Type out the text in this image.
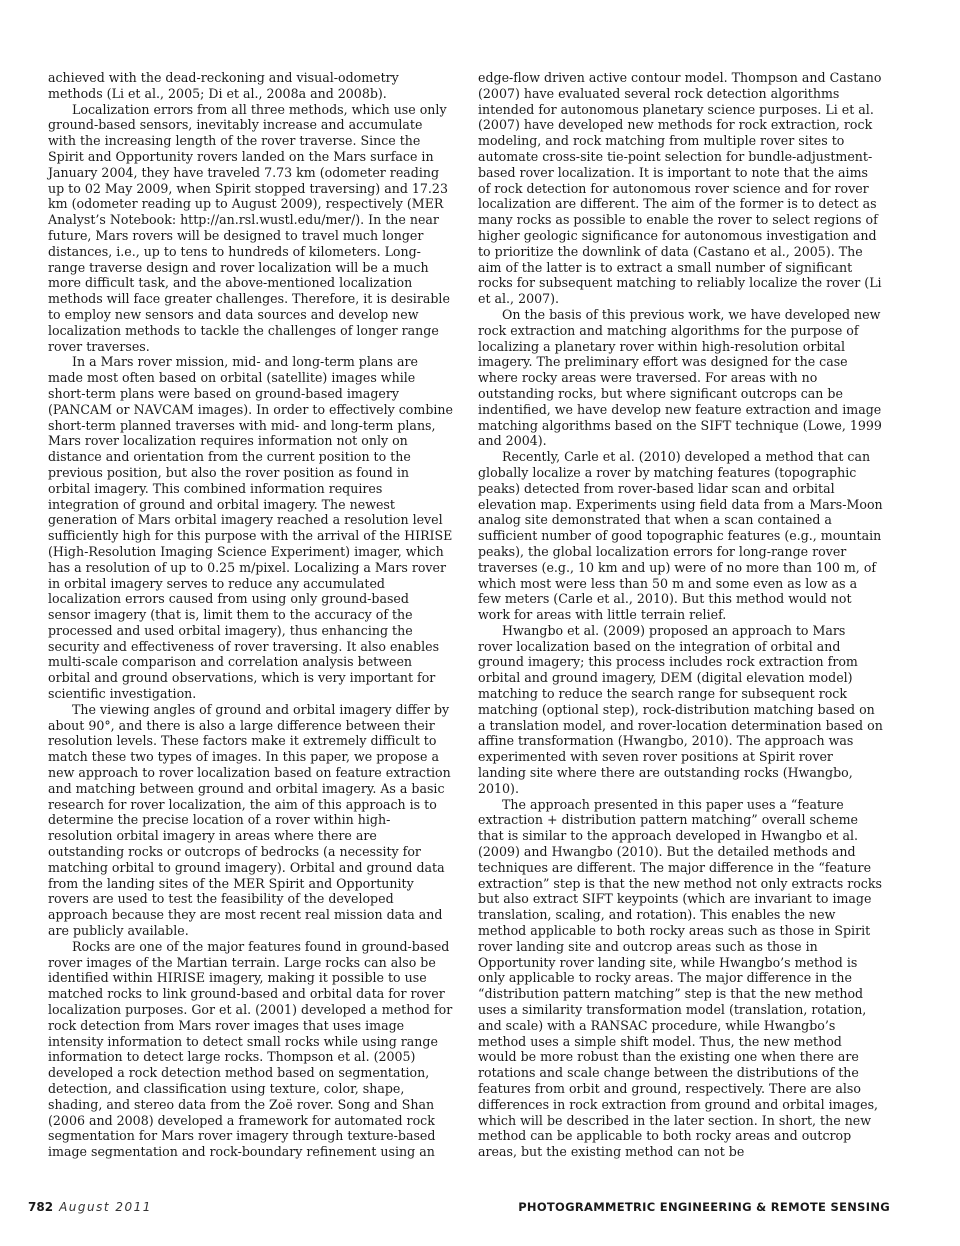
achieved with the dead-reckoning and visual-odometry methods (Li et al., 2005; Di et al., 2008a and 2008b).

Localization errors from all three methods, which use only ground-based sensors, inevitably increase and accumulate with the increasing length of the rover traverse. Since the Spirit and Opportunity rovers landed on the Mars surface in January 2004, they have traveled 7.73 km (odometer reading up to 02 May 2009, when Spirit stopped traversing) and 17.23 km (odometer reading up to August 2009), respectively (MER Analyst’s Notebook: http://an.rsl.wustl.edu/mer/). In the near future, Mars rovers will be designed to travel much longer distances, i.e., up to tens to hundreds of kilometers. Long-range traverse design and rover localization will be a much more difficult task, and the above-mentioned localization methods will face greater challenges. Therefore, it is desirable to employ new sensors and data sources and develop new localization methods to tackle the challenges of longer range rover traverses.

In a Mars rover mission, mid- and long-term plans are made most often based on orbital (satellite) images while short-term plans were based on ground-based imagery (PANCAM or NAVCAM images). In order to effectively combine short-term planned traverses with mid- and long-term plans, Mars rover localization requires information not only on distance and orientation from the current position to the previous position, but also the rover position as found in orbital imagery. This combined information requires integration of ground and orbital imagery. The newest generation of Mars orbital imagery reached a resolution level sufficiently high for this purpose with the arrival of the HIRISE (High-Resolution Imaging Science Experiment) imager, which has a resolution of up to 0.25 m/pixel. Localizing a Mars rover in orbital imagery serves to reduce any accumulated localization errors caused from using only ground-based sensor imagery (that is, limit them to the accuracy of the processed and used orbital imagery), thus enhancing the security and effectiveness of rover traversing. It also enables multi-scale comparison and correlation analysis between orbital and ground observations, which is very important for scientific investigation.

The viewing angles of ground and orbital imagery differ by about 90°, and there is also a large difference between their resolution levels. These factors make it extremely difficult to match these two types of images. In this paper, we propose a new approach to rover localization based on feature extraction and matching between ground and orbital imagery. As a basic research for rover localization, the aim of this approach is to determine the precise location of a rover within high-resolution orbital imagery in areas where there are outstanding rocks or outcrops of bedrocks (a necessity for matching orbital to ground imagery). Orbital and ground data from the landing sites of the MER Spirit and Opportunity rovers are used to test the feasibility of the developed approach because they are most recent real mission data and are publicly available.

Rocks are one of the major features found in ground-based rover images of the Martian terrain. Large rocks can also be identified within HIRISE imagery, making it possible to use matched rocks to link ground-based and orbital data for rover localization purposes. Gor et al. (2001) developed a method for rock detection from Mars rover images that uses image intensity information to detect small rocks while using range information to detect large rocks. Thompson et al. (2005) developed a rock detection method based on segmentation, detection, and classification using texture, color, shape, shading, and stereo data from the Zoë rover. Song and Shan (2006 and 2008) developed a framework for automated rock segmentation for Mars rover imagery through texture-based image segmentation and rock-boundary refinement using an

edge-flow driven active contour model. Thompson and Castano (2007) have evaluated several rock detection algorithms intended for autonomous planetary science purposes. Li et al. (2007) have developed new methods for rock extraction, rock modeling, and rock matching from multiple rover sites to automate cross-site tie-point selection for bundle-adjustment-based rover localization. It is important to note that the aims of rock detection for autonomous rover science and for rover localization are different. The aim of the former is to detect as many rocks as possible to enable the rover to select regions of higher geologic significance for autonomous investigation and to prioritize the downlink of data (Castano et al., 2005). The aim of the latter is to extract a small number of significant rocks for subsequent matching to reliably localize the rover (Li et al., 2007).

On the basis of this previous work, we have developed new rock extraction and matching algorithms for the purpose of localizing a planetary rover within high-resolution orbital imagery. The preliminary effort was designed for the case where rocky areas were traversed. For areas with no outstanding rocks, but where significant outcrops can be indentified, we have develop new feature extraction and image matching algorithms based on the SIFT technique (Lowe, 1999 and 2004).

Recently, Carle et al. (2010) developed a method that can globally localize a rover by matching features (topographic peaks) detected from rover-based lidar scan and orbital elevation map. Experiments using field data from a Mars-Moon analog site demonstrated that when a scan contained a sufficient number of good topographic features (e.g., mountain peaks), the global localization errors for long-range rover traverses (e.g., 10 km and up) were of no more than 100 m, of which most were less than 50 m and some even as low as a few meters (Carle et al., 2010). But this method would not work for areas with little terrain relief.

Hwangbo et al. (2009) proposed an approach to Mars rover localization based on the integration of orbital and ground imagery; this process includes rock extraction from orbital and ground imagery, DEM (digital elevation model) matching to reduce the search range for subsequent rock matching (optional step), rock-distribution matching based on a translation model, and rover-location determination based on affine transformation (Hwangbo, 2010). The approach was experimented with seven rover positions at Spirit rover landing site where there are outstanding rocks (Hwangbo, 2010).

The approach presented in this paper uses a “feature extraction + distribution pattern matching” overall scheme that is similar to the approach developed in Hwangbo et al. (2009) and Hwangbo (2010). But the detailed methods and techniques are different. The major difference in the “feature extraction” step is that the new method not only extracts rocks but also extract SIFT keypoints (which are invariant to image translation, scaling, and rotation). This enables the new method applicable to both rocky areas such as those in Spirit rover landing site and outcrop areas such as those in Opportunity rover landing site, while Hwangbo’s method is only applicable to rocky areas. The major difference in the “distribution pattern matching” step is that the new method uses a similarity transformation model (translation, rotation, and scale) with a RANSAC procedure, while Hwangbo’s method uses a simple shift model. Thus, the new method would be more robust than the existing one when there are rotations and scale change between the distributions of the features from orbit and ground, respectively. There are also differences in rock extraction from ground and orbital images, which will be described in the later section. In short, the new method can be applicable to both rocky areas and outcrop areas, but the existing method can not be

782 August 2011	PHOTOGRAMMETRIC ENGINEERING & REMOTE SENSING
